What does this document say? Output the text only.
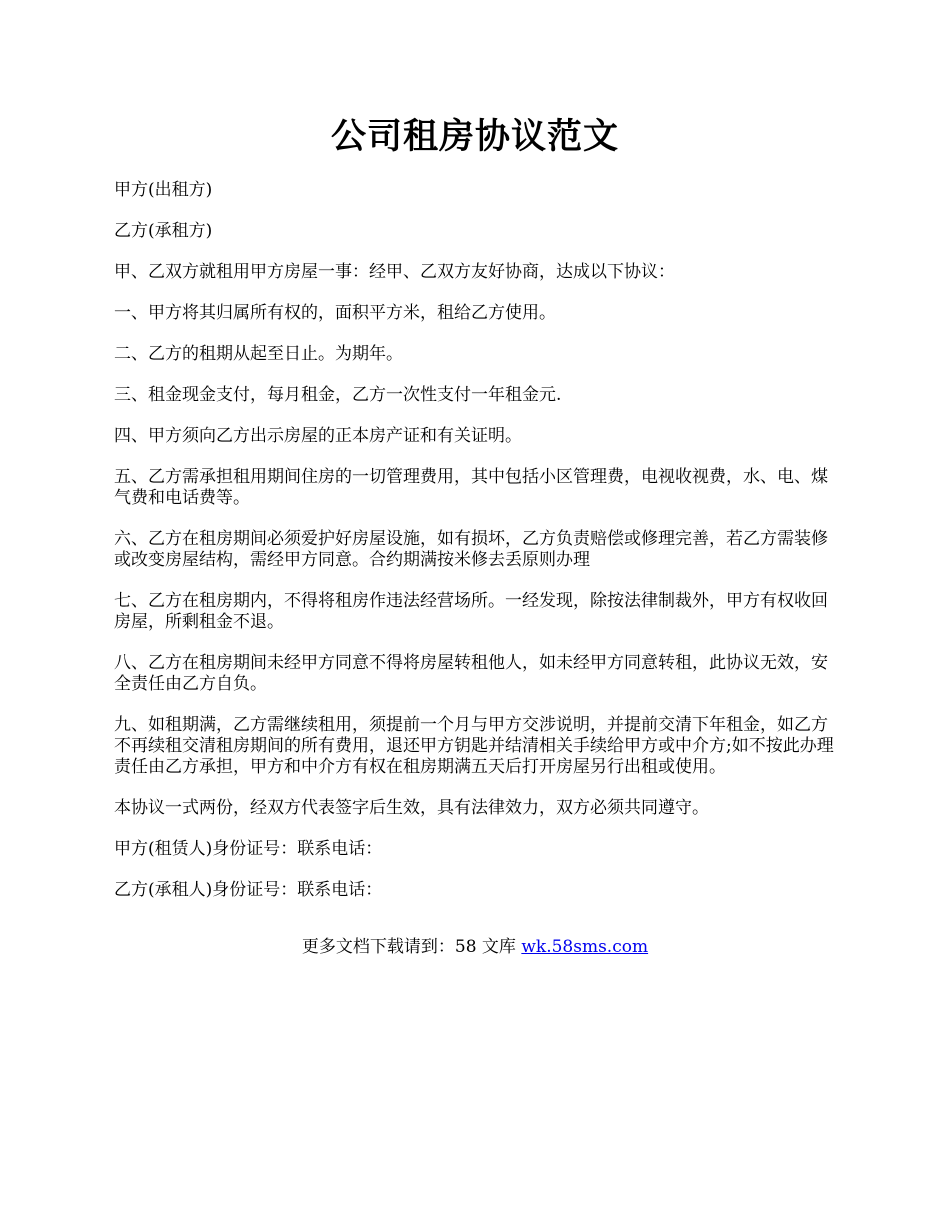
公司租房协议范文

甲方(出租方)

乙方(承租方)

甲、乙双方就租用甲方房屋一事：经甲、乙双方友好协商，达成以下协议：

一、甲方将其归属所有权的，面积平方米，租给乙方使用。

二、乙方的租期从起至日止。为期年。

三、租金现金支付，每月租金，乙方一次性支付一年租金元.

四、甲方须向乙方出示房屋的正本房产证和有关证明。

五、乙方需承担租用期间住房的一切管理费用，其中包括小区管理费，电视收视费，水、电、煤气费和电话费等。

六、乙方在租房期间必须爱护好房屋设施，如有损坏，乙方负责赔偿或修理完善，若乙方需装修或改变房屋结构，需经甲方同意。合约期满按米修去丢原则办理

七、乙方在租房期内，不得将租房作违法经营场所。一经发现，除按法律制裁外，甲方有权收回房屋，所剩租金不退。

八、乙方在租房期间未经甲方同意不得将房屋转租他人，如未经甲方同意转租，此协议无效，安全责任由乙方自负。

九、如租期满，乙方需继续租用，须提前一个月与甲方交涉说明，并提前交清下年租金，如乙方不再续租交清租房期间的所有费用，退还甲方钥匙并结清相关手续给甲方或中介方;如不按此办理责任由乙方承担，甲方和中介方有权在租房期满五天后打开房屋另行出租或使用。

本协议一式两份，经双方代表签字后生效，具有法律效力，双方必须共同遵守。

甲方(租赁人)身份证号：联系电话：

乙方(承租人)身份证号：联系电话：

更多文档下载请到：58 文库 wk.58sms.com
